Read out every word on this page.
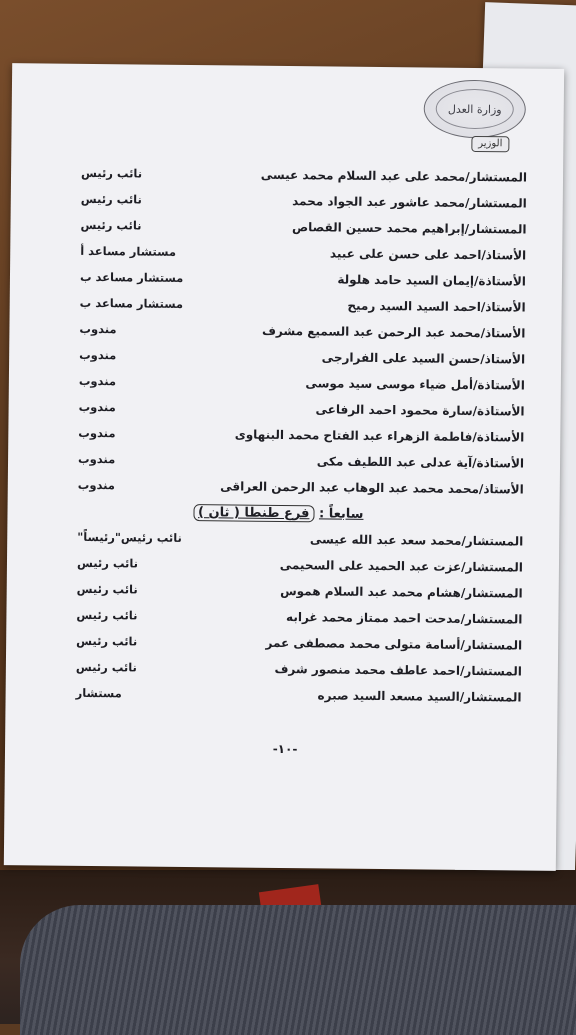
وزارة العدل
الوزير
المستشار/محمد على عبد السلام محمد عيسى
نائب رئيس
المستشار/محمد عاشور عبد الجواد محمد
نائب رئيس
المستشار/إبراهيم محمد حسين القصاص
نائب رئيس
الأستاذ/احمد على حسن على عبيد
مستشار مساعد أ
الأستاذة/إيمان السيد حامد هلولة
مستشار مساعد ب
الأستاذ/احمد السيد السيد رميح
مستشار مساعد ب
الأستاذ/محمد عبد الرحمن عبد السميع مشرف
مندوب
الأستاذ/حسن السيد على الفرارجى
مندوب
الأستاذة/أمل ضياء موسى سيد موسى
مندوب
الأستاذة/سارة محمود احمد الرفاعى
مندوب
الأستاذة/فاطمة الزهراء عبد الفتاح محمد البنهاوى
مندوب
الأستاذة/آية عدلى عبد اللطيف مكى
مندوب
الأستاذ/محمد محمد عبد الوهاب عبد الرحمن العراقى
مندوب
سابعاً : فرع طنطا ( ثان )
المستشار/محمد سعد عبد الله عيسى
نائب رئيس"رئيساً"
المستشار/عزت عبد الحميد على السحيمى
نائب رئيس
المستشار/هشام محمد عبد السلام هموس
نائب رئيس
المستشار/مدحت احمد ممتاز محمد غرابه
نائب رئيس
المستشار/أسامة متولى محمد مصطفى عمر
نائب رئيس
المستشار/احمد عاطف محمد منصور شرف
نائب رئيس
المستشار/السيد مسعد السيد صبره
مستشار
-١٠-
